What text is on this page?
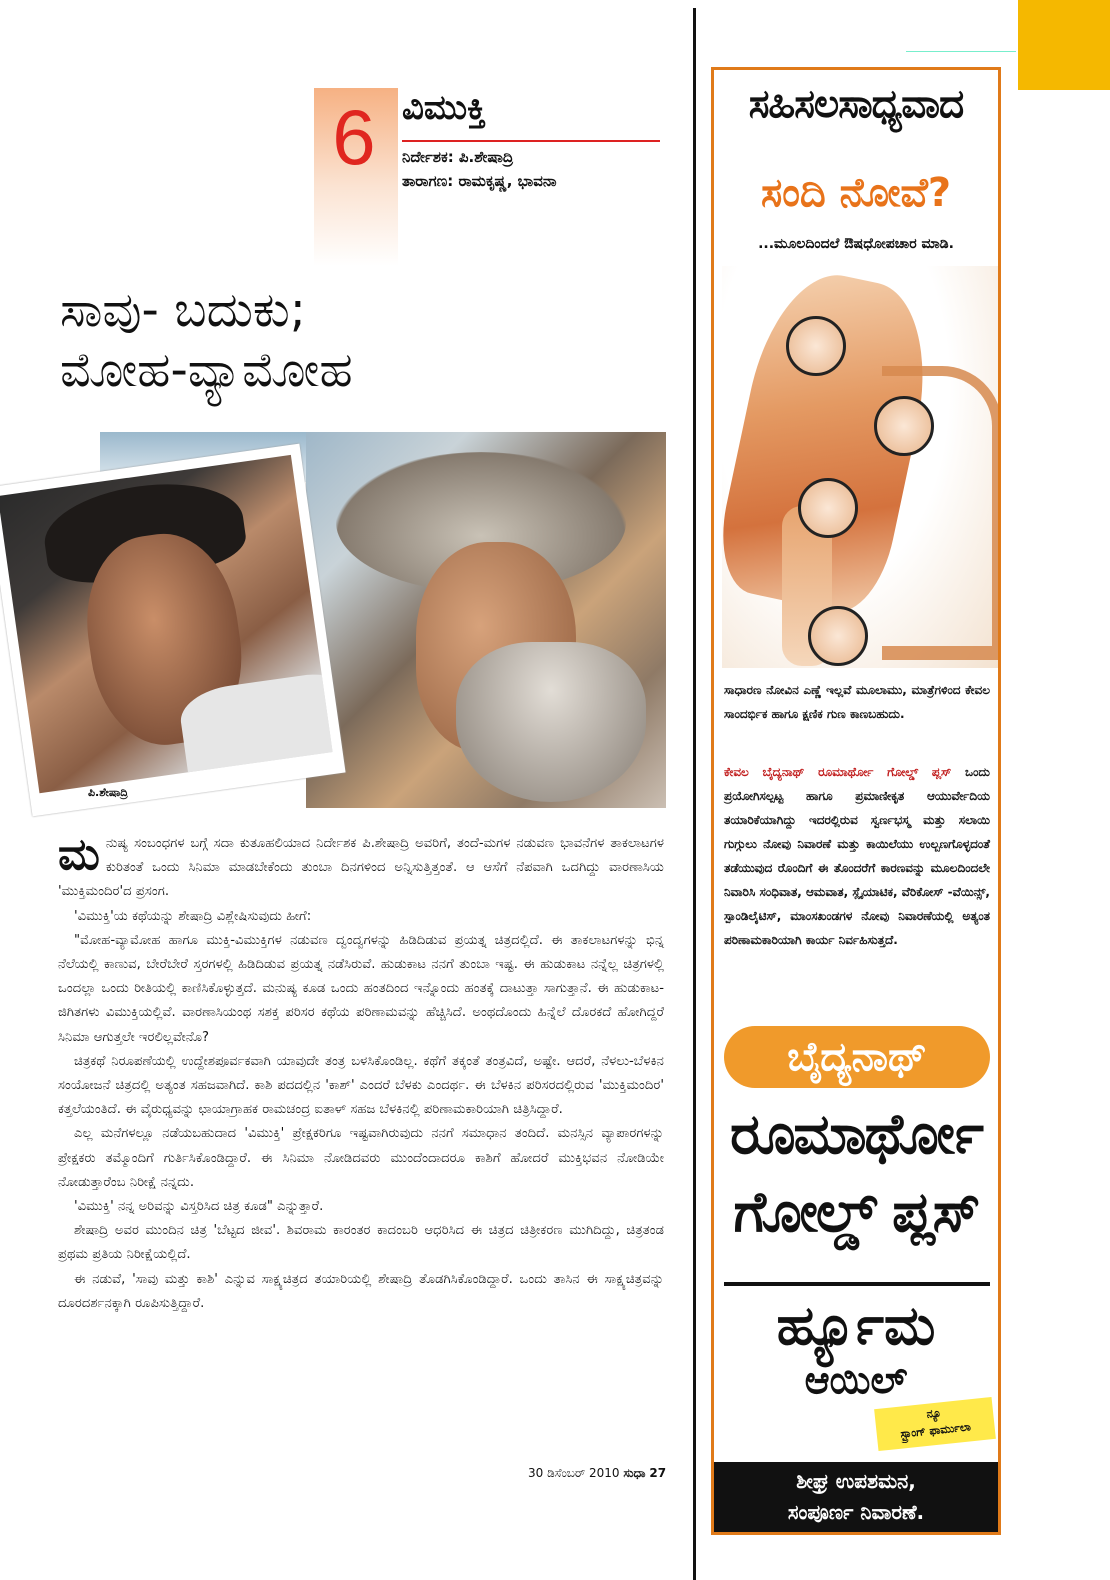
6 ವಿಮುಕ್ತಿ
ನಿರ್ದೇಶಕ: ಪಿ.ಶೇಷಾದ್ರಿ
ತಾರಾಗಣ: ರಾಮಕೃಷ್ಣ, ಭಾವನಾ
ಸಾವು- ಬದುಕು;
ಮೋಹ-ವ್ಯಾಮೋಹ
ಪಿ.ಶೇಷಾದ್ರಿ

ಮನುಷ್ಯ ಸಂಬಂಧಗಳ ಬಗ್ಗೆ ಸದಾ ಕುತೂಹಲಿಯಾದ ನಿರ್ದೇಶಕ ಪಿ.ಶೇಷಾದ್ರಿ ಅವರಿಗೆ, ತಂದೆ-ಮಗಳ ನಡುವಣ ಭಾವನೆಗಳ ತಾಕಲಾಟಗಳ ಕುರಿತಂತೆ ಒಂದು ಸಿನಿಮಾ ಮಾಡಬೇಕೆಂದು ತುಂಬಾ ದಿನಗಳಿಂದ ಅನ್ನಿಸುತ್ತಿತ್ತಂತೆ. ಆ ಆಸೆಗೆ ನೆಪವಾಗಿ ಒದಗಿದ್ದು ವಾರಣಾಸಿಯ 'ಮುಕ್ತಿಮಂದಿರ'ದ ಪ್ರಸಂಗ.

'ವಿಮುಕ್ತಿ'ಯ ಕಥೆಯನ್ನು ಶೇಷಾದ್ರಿ ವಿಶ್ಲೇಷಿಸುವುದು ಹೀಗೆ:

"ಮೋಹ-ವ್ಯಾಮೋಹ ಹಾಗೂ ಮುಕ್ತಿ-ವಿಮುಕ್ತಿಗಳ ನಡುವಣ ದ್ವಂದ್ವಗಳನ್ನು ಹಿಡಿದಿಡುವ ಪ್ರಯತ್ನ ಚಿತ್ರದಲ್ಲಿದೆ. ಈ ತಾಕಲಾಟಗಳನ್ನು ಭಿನ್ನ ನೆಲೆಯಲ್ಲಿ ಕಾಣುವ, ಬೇರೆಬೇರೆ ಸ್ತರಗಳಲ್ಲಿ ಹಿಡಿದಿಡುವ ಪ್ರಯತ್ನ ನಡೆಸಿರುವೆ. ಹುಡುಕಾಟ ನನಗೆ ತುಂಬಾ ಇಷ್ಟ. ಈ ಹುಡುಕಾಟ ನನ್ನೆಲ್ಲ ಚಿತ್ರಗಳಲ್ಲಿ ಒಂದಲ್ಲಾ ಒಂದು ರೀತಿಯಲ್ಲಿ ಕಾಣಿಸಿಕೊಳ್ಳುತ್ತದೆ. ಮನುಷ್ಯ ಕೂಡ ಒಂದು ಹಂತದಿಂದ ಇನ್ನೊಂದು ಹಂತಕ್ಕೆ ದಾಟುತ್ತಾ ಸಾಗುತ್ತಾನೆ. ಈ ಹುಡುಕಾಟ-ಜಿಗಿತಗಳು ವಿಮುಕ್ತಿಯಲ್ಲಿವೆ. ವಾರಣಾಸಿಯಂಥ ಸಶಕ್ತ ಪರಿಸರ ಕಥೆಯ ಪರಿಣಾಮವನ್ನು ಹೆಚ್ಚಿಸಿದೆ. ಅಂಥದೊಂದು ಹಿನ್ನೆಲೆ ದೊರಕದೆ ಹೋಗಿದ್ದರೆ ಸಿನಿಮಾ ಆಗುತ್ತಲೇ ಇರಲಿಲ್ಲವೇನೊ?

ಚಿತ್ರಕಥೆ ನಿರೂಪಣೆಯಲ್ಲಿ ಉದ್ದೇಶಪೂರ್ವಕವಾಗಿ ಯಾವುದೇ ತಂತ್ರ ಬಳಸಿಕೊಂಡಿಲ್ಲ. ಕಥೆಗೆ ತಕ್ಕಂತೆ ತಂತ್ರವಿದೆ, ಅಷ್ಟೇ. ಆದರೆ, ನೆಳಲು-ಬೆಳಕಿನ ಸಂಯೋಜನೆ ಚಿತ್ರದಲ್ಲಿ ಅತ್ಯಂತ ಸಹಜವಾಗಿದೆ. ಕಾಶಿ ಪದದಲ್ಲಿನ 'ಕಾಶ್' ಎಂದರೆ ಬೆಳಕು ಎಂದರ್ಥ. ಈ ಬೆಳಕಿನ ಪರಿಸರದಲ್ಲಿರುವ 'ಮುಕ್ತಿಮಂದಿರ' ಕತ್ತಲೆಯಂತಿದೆ. ಈ ವೈರುಧ್ಯವನ್ನು ಛಾಯಾಗ್ರಾಹಕ ರಾಮಚಂದ್ರ ಐತಾಳ್ ಸಹಜ ಬೆಳಕಿನಲ್ಲಿ ಪರಿಣಾಮಕಾರಿಯಾಗಿ ಚಿತ್ರಿಸಿದ್ದಾರೆ.

ಎಲ್ಲ ಮನೆಗಳಲ್ಲೂ ನಡೆಯಬಹುದಾದ 'ವಿಮುಕ್ತಿ' ಪ್ರೇಕ್ಷಕರಿಗೂ ಇಷ್ಟವಾಗಿರುವುದು ನನಗೆ ಸಮಾಧಾನ ತಂದಿದೆ. ಮನಸ್ಸಿನ ವ್ಯಾಪಾರಗಳನ್ನು ಪ್ರೇಕ್ಷಕರು ತಮ್ಮೊಂದಿಗೆ ಗುರ್ತಿಸಿಕೊಂಡಿದ್ದಾರೆ. ಈ ಸಿನಿಮಾ ನೋಡಿದವರು ಮುಂದೆಂದಾದರೂ ಕಾಶಿಗೆ ಹೋದರೆ ಮುಕ್ತಿಭವನ ನೋಡಿಯೇ ನೋಡುತ್ತಾರೆಂಬ ನಿರೀಕ್ಷೆ ನನ್ನದು.

'ವಿಮುಕ್ತಿ' ನನ್ನ ಅರಿವನ್ನು ವಿಸ್ತರಿಸಿದ ಚಿತ್ರ ಕೂಡ" ಎನ್ನುತ್ತಾರೆ.

ಶೇಷಾದ್ರಿ ಅವರ ಮುಂದಿನ ಚಿತ್ರ 'ಬೆಟ್ಟದ ಜೀವ'. ಶಿವರಾಮ ಕಾರಂತರ ಕಾದಂಬರಿ ಆಧರಿಸಿದ ಈ ಚಿತ್ರದ ಚಿತ್ರೀಕರಣ ಮುಗಿದಿದ್ದು, ಚಿತ್ರತಂಡ ಪ್ರಥಮ ಪ್ರತಿಯ ನಿರೀಕ್ಷೆಯಲ್ಲಿದೆ.

ಈ ನಡುವೆ, 'ಸಾವು ಮತ್ತು ಕಾಶಿ' ಎನ್ನುವ ಸಾಕ್ಷ್ಯಚಿತ್ರದ ತಯಾರಿಯಲ್ಲಿ ಶೇಷಾದ್ರಿ ತೊಡಗಿಸಿಕೊಂಡಿದ್ದಾರೆ. ಒಂದು ತಾಸಿನ ಈ ಸಾಕ್ಷ್ಯಚಿತ್ರವನ್ನು ದೂರದರ್ಶನಕ್ಕಾಗಿ ರೂಪಿಸುತ್ತಿದ್ದಾರೆ.

30 ಡಿಸೆಂಬರ್ 2010 ಸುಧಾ 27
ಸಹಿಸಲಸಾಧ್ಯವಾದ
ಸಂದಿ ನೋವೆ?
...ಮೂಲದಿಂದಲೆ ಔಷಧೋಪಚಾರ ಮಾಡಿ.
ಸಾಧಾರಣ ನೋವಿನ ಎಣ್ಣೆ ಇಲ್ಲವೆ ಮೂಲಾಮು, ಮಾತ್ರೆಗಳಿಂದ ಕೇವಲ ಸಾಂದರ್ಭಿಕ ಹಾಗೂ ಕ್ಷಣಿಕ ಗುಣ ಕಾಣಬಹುದು.
ಕೇವಲ ಬೈದ್ಯನಾಥ್ ರೂಮಾರ್ಥೋ ಗೋಲ್ಡ್ ಪ್ಲಸ್ ಒಂದು ಪ್ರಯೋಗಿಸಲ್ಪಟ್ಟ ಹಾಗೂ ಪ್ರಮಾಣೀಕೃತ ಆಯುರ್ವೇದಿಯ ತಯಾರಿಕೆಯಾಗಿದ್ದು ಇದರಲ್ಲಿರುವ ಸ್ವರ್ಣಭಸ್ಮ ಮತ್ತು ಸಲಾಯಿ ಗುಗ್ಗುಲು ನೋವು ನಿವಾರಣೆ ಮತ್ತು ಕಾಯಿಲೆಯು ಉಲ್ಬಣಗೊಳ್ಳದಂತೆ ತಡೆಯುವುದ ರೊಂದಿಗೆ ಈ ತೊಂದರೆಗೆ ಕಾರಣವನ್ನು ಮೂಲದಿಂದಲೇ ನಿವಾರಿಸಿ ಸಂಧಿವಾತ, ಆಮವಾತ, ಸ್ಲೈಯಾಟಿಕ, ವೆರಿಕೋಸ್ -ವೆಯಿನ್ಸ್, ಸ್ಪಾಂಡಿಲೈಟಿಸ್, ಮಾಂಸಖಂಡಗಳ ನೋವು ನಿವಾರಣೆಯಲ್ಲಿ ಅತ್ಯಂತ ಪರಿಣಾಮಕಾರಿಯಾಗಿ ಕಾರ್ಯ ನಿರ್ವಹಿಸುತ್ತದೆ.
ಬೈದ್ಯನಾಥ್
ರೂಮಾರ್ಥೋ
ಗೋಲ್ಡ್ ಪ್ಲಸ್
ರ್ಹ್ಯೂಮ
ಆಯಿಲ್
ನ್ಯೂ
ಸ್ಟ್ರಾಂಗ್ ಫಾರ್ಮುಲಾ
ಶೀಘ್ರ ಉಪಶಮನ,
ಸಂಪೂರ್ಣ ನಿವಾರಣೆ.
